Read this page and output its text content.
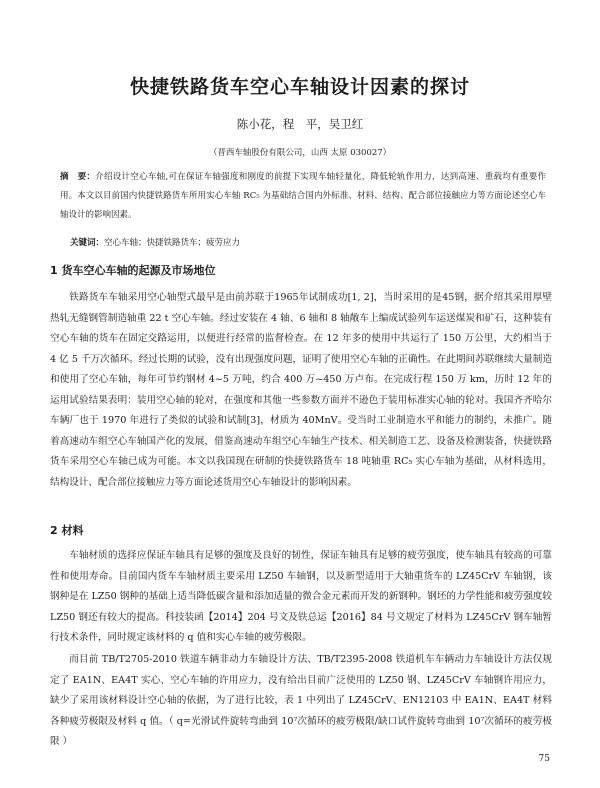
快捷铁路货车空心车轴设计因素的探讨

陈小花，程　平，吴卫红

（晋西车轴股份有限公司，山西 太原 030027）

摘　要：介绍设计空心车轴,可在保证车轴强度和刚度的前提下实现车轴轻量化，降低轮轨作用力，达到高速、重载均有重要作用。本文以目前国内快捷铁路货车所用实心车轴 RC₅ 为基础结合国内外标准、材料、结构、配合部位接触应力等方面论述空心车轴设计的影响因素。

关键词：空心车轴；快捷铁路货车；疲劳应力

1 货车空心车轴的起源及市场地位

铁路货车车轴采用空心轴型式最早是由前苏联于1965年试制成功[1, 2]，当时采用的是45钢，据介绍其采用厚壁热轧无缝钢管制造轴重 22 t 空心车轴。经过安装在 4 轴、6 轴和 8 轴敞车上编成试验列车运送煤炭和矿石，这种装有空心车轴的货车在固定交路运用，以便进行经常的监督检查。在 12 年多的使用中共运行了 150 万公里，大约相当于 4 亿 5 千万次循环。经过长期的试验，没有出现强度问题，证明了使用空心车轴的正确性。在此期间苏联继续大量制造和使用了空心车轴，每年可节约钢材 4~5 万吨，约合 400 万~450 万卢布。在完成行程 150 万 km，历时 12 年的运用试验结果表明：装用空心轴的轮对，在强度和其他一些参数方面并不逊色于装用标准实心轴的轮对。我国齐齐哈尔车辆厂也于 1970 年进行了类似的试验和试制[3]，材质为 40MnV。受当时工业制造水平和能力的制约，未推广。随着高速动车组空心车轴国产化的发展，借鉴高速动车组空心车轴生产技术、相关制造工艺、设备及检测装备，快捷铁路货车采用空心车轴已成为可能。本文以我国现在研制的快捷铁路货车 18 吨轴重 RC₅ 实心车轴为基础，从材料选用，结构设计、配合部位接触应力等方面论述货用空心车轴设计的影响因素。

2 材料

车轴材质的选择应保证车轴具有足够的强度及良好的韧性，保证车轴具有足够的疲劳强度，使车轴具有较高的可靠性和使用寿命。目前国内货车车轴材质主要采用 LZ50 车轴钢，以及新型适用于大轴重货车的 LZ45CrV 车轴钢，该钢种是在 LZ50 钢种的基础上适当降低碳含量和添加适量的微合金元素而开发的新钢种。钢坯的力学性能和疲劳强度较 LZ50 钢还有较大的提高。科技装函【2014】204 号文及铁总运【2016】84 号文规定了材料为 LZ45CrV 钢车轴暂行技术条件，同时规定该材料的 q 值和实心车轴的疲劳极限。

而目前 TB/T2705-2010 铁道车辆非动力车轴设计方法、TB/T2395-2008 铁道机车车辆动力车轴设计方法仅规定了 EA1N、EA4T 实心、空心车轴的许用应力，没有给出目前广泛使用的 LZ50 钢、LZ45CrV 车轴钢许用应力，缺少了采用该材料设计空心轴的依据，为了进行比较，表 1 中列出了 LZ45CrV、EN12103 中 EA1N、EA4T 材料各种疲劳极限及材料 q 值。（ q=光滑试件旋转弯曲到 10⁷次循环的疲劳极限/缺口试件旋转弯曲到 10⁷次循环的疲劳极限 ）

75
